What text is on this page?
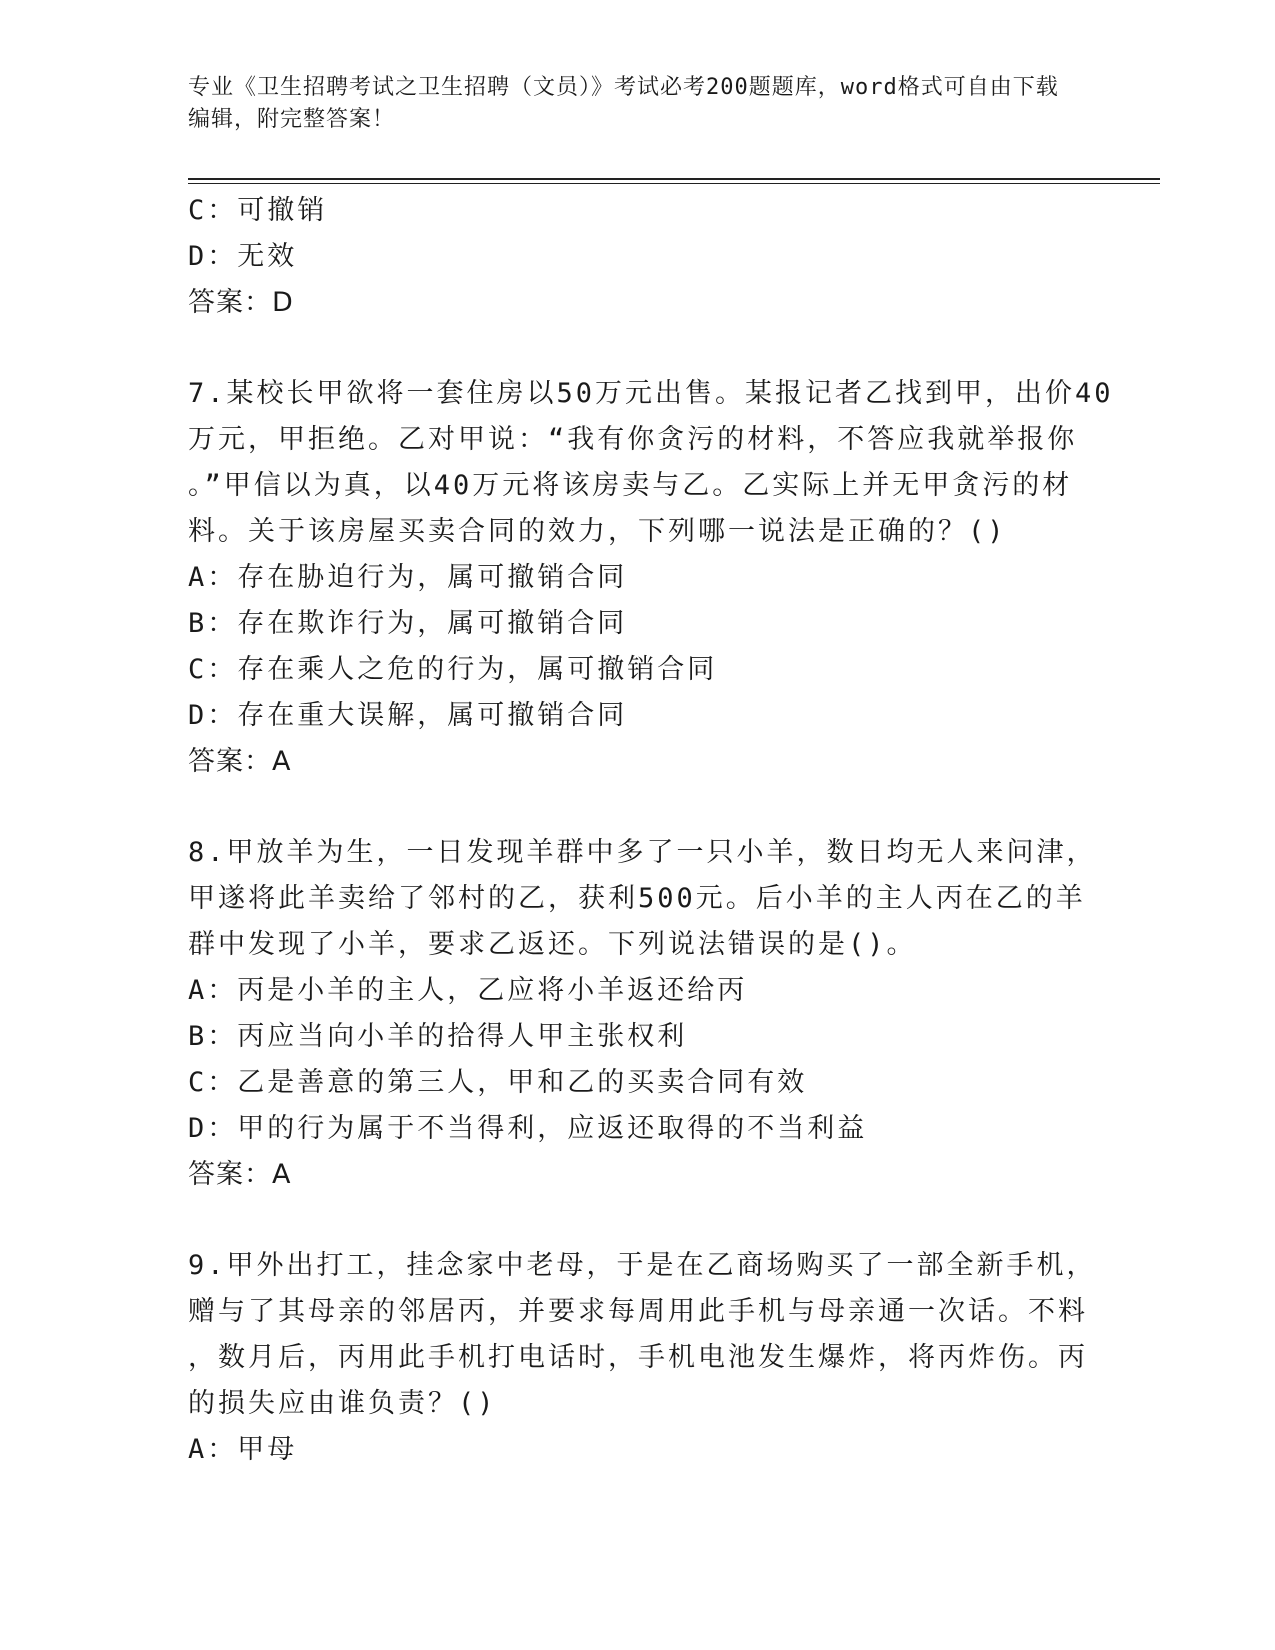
专业《卫生招聘考试之卫生招聘（文员）》考试必考200题题库，word格式可自由下载编辑，附完整答案！
C：可撤销
D：无效
答案：D
7.某校长甲欲将一套住房以50万元出售。某报记者乙找到甲，出价40
万元，甲拒绝。乙对甲说：“我有你贪污的材料，不答应我就举报你
。”甲信以为真，以40万元将该房卖与乙。乙实际上并无甲贪污的材
料。关于该房屋买卖合同的效力，下列哪一说法是正确的？()
A：存在胁迫行为，属可撤销合同
B：存在欺诈行为，属可撤销合同
C：存在乘人之危的行为，属可撤销合同
D：存在重大误解，属可撤销合同
答案：A
8.甲放羊为生，一日发现羊群中多了一只小羊，数日均无人来问津，
甲遂将此羊卖给了邻村的乙，获利500元。后小羊的主人丙在乙的羊
群中发现了小羊，要求乙返还。下列说法错误的是()。
A：丙是小羊的主人，乙应将小羊返还给丙
B：丙应当向小羊的拾得人甲主张权利
C：乙是善意的第三人，甲和乙的买卖合同有效
D：甲的行为属于不当得利，应返还取得的不当利益
答案：A
9.甲外出打工，挂念家中老母，于是在乙商场购买了一部全新手机，
赠与了其母亲的邻居丙，并要求每周用此手机与母亲通一次话。不料
，数月后，丙用此手机打电话时，手机电池发生爆炸，将丙炸伤。丙
的损失应由谁负责？()
A：甲母
